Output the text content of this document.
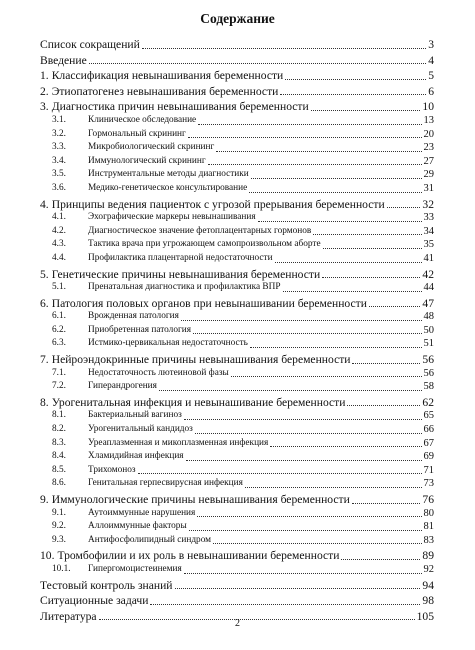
Содержание
Список сокращений	3
Введение	4
1. Классификация невынашивания беременности	5
2. Этиопатогенез невынашивания беременности	6
3. Диагностика причин невынашивания беременности	10
3.1.	Клиническое обследование	13
3.2.	Гормональный скрининг	20
3.3.	Микробиологический скрининг	23
3.4.	Иммунологический скрининг	27
3.5.	Инструментальные методы диагностики	29
3.6.	Медико-генетическое консультирование	31
4. Принципы ведения пациенток с угрозой прерывания беременности	32
4.1.	Эхографические маркеры невынашивания	33
4.2.	Диагностическое значение фетоплацентарных гормонов	34
4.3.	Тактика врача при угрожающем самопроизвольном аборте	35
4.4.	Профилактика плацентарной недостаточности	41
5. Генетические причины невынашивания беременности	42
5.1.	Пренатальная диагностика и профилактика ВПР	44
6. Патология половых органов при невынашивании беременности	47
6.1.	Врожденная патология	48
6.2.	Приобретенная патология	50
6.3.	Истмико-цервикальная недостаточность	51
7. Нейроэндокринные причины невынашивания беременности	56
7.1.	Недостаточность лютеиновой фазы	56
7.2.	Гиперандрогения	58
8. Урогенитальная инфекция и невынашивание беременности	62
8.1.	Бактериальный вагиноз	65
8.2.	Урогенитальный кандидоз	66
8.3.	Уреаплазменная и микоплазменная инфекция	67
8.4.	Хламидийная инфекция	69
8.5.	Трихомоноз	71
8.6.	Генитальная герпесвирусная инфекция	73
9. Иммунологические причины невынашивания беременности	76
9.1.	Аутоиммунные нарушения	80
9.2.	Аллоиммунные факторы	81
9.3.	Антифосфолипидный синдром	83
10. Тромбофилии и их роль в невынашивании беременности	89
10.1.	Гипергомоцистеинемия	92
Тестовый контроль знаний	94
Ситуационные задачи	98
Литература	105
2
